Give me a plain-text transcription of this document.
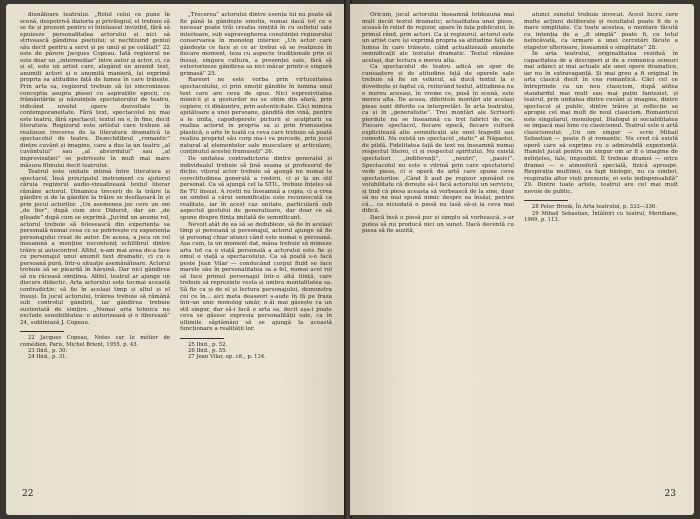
diunăfoare teatrului. „Rolul celui ce pune în scenă, despotrivă diatoria și privilegiul, el trebuie să se fie și prezent pentru ei înteleasul invizibil, fără să epuizeze personalitatea actorului și nici să strivească gândirea poetului; și nechtiuind geniul său decit pentru a servi și pe unul și pe celălalt” 22 este de părere Jacques Copeau. Iată regizorul ne este doar un „intermediar” între autor și actor, ci, ca și el, este un artist care, alegând un anumit text, anumiti actori și o anumită manieră, își exprimă propria sa atitudine față de lumea în care trăiește. Prin arta sa, regizorul trebuie să își sincronizeze conceptia asupra piesei cu aspirațiile epocii, cu frământările și năzuințele spectatorului de teatru, ridicând nivelul opere dezvoltate în contemporaneitate. Fără text, spectacolul nu mai este teatru, fără spectacol, textul nu e, în fine, decit literatura. Regizorul este artistul care trebuie să realizeze trecerea de la literatura dramatică la spectacolul de teatru. Dezechilibrul „romantic” dintre cuvânt și imagine, care a dus la un teatru „al cuvântului” sau „al absurdului” sau „al improvizației” se potriveste în mult mai mare măsura filmului decit teatrului.

Teatrul este unitate intimă între literatura și spectacol. Însă principalul instrument cu ajutorul căruia regizorul audio-vizualizează textul literar rămâne actorul. Dinamica trecerii de la trăire la gândire și de la gândire la trăire se desfășoară în și prin jocul actorilor. „Un asemenea joc cere un om „de fier”, după cum zice Diderot, dar un „de glisade” după cum se exprimă „Jucind un anume rol, actorul trebuie să folosească din experiența sa personală numai ceea ce se potrivește cu experiența personajului creat de autor. De aceea, a juca un rol înseamnă a menține neconteniț echilibrul dintre trăire și autocontrol. Altfel, n-am mai avea de-a face cu personajul unui anumit text dramatic, ci cu o persoană pură, într-o situație asemănătoare. Actorul trebuie să se pieardă în hârșină. Dar nici gândirea să nu răceasă simțirea. Altfel, teatrul ar ajunge un discurs didactic. Arta actorului este tocmai această contradicție: să fie în același timp și altul și el însuși. În jocul actorului, trăirea trebuie să rămână sub controlul gândirii, iar gândirea trebuie sustentată de simțire. „Numai arta tehnica nu exclude sensibilitatea: o autorizează și o liberează” 24, subliniază J. Copeau.

22 Jacques Copeau, Notes sur le métier de comédien, Paris, Michel Brient, 1955, p. 43.

23 Ibid., p. 30.

24 Ibid., p. 31.

„Trecerea” actorului dintre esența lui nu poate să fie până la gândește emotia, numai dacă tot ce e necesar poate trăi creatia simțită în cu sufletul sale interioare, sub supravegherea conștiinței regizorului conservarea în monolog interior. „Un actor care gândește ce face și ce ar trebui să se realizeze în fiecare moment, teza cu aspecte tradiționale prin el însuși, singura cultura, a prezenței sale, fără să exteriorizeze gândirea sa nici măcar printr-o singură grimasă” 25.

Rareori ne este vorba prin virtuozitatea spectacolului, ci prin emoții gândite în lumina unui text care are ceva de spus. Nici expresivitatea mimicii și a gesturilor nu se obțin din afară, prin copiere, ci dinăuntru, prin autenticitate. Căci mimica ajutătoare a unei persoane, gândită din vină, pentru a le imita, capodoperele picturii și sculpturii va realiza actorul în propria sa și prin frumusețea plastică, o arte în toată ca ceva care trebuie să poată realiza propriul său corp ma-i va purcede, prin jocul natural al elementelor sale musculare și articulare, conținutul acestei frumuseți” 26.

De unitatea contradictorie dintre generalul și individualul trebuie să țină seama și profesorul de dicție; vițorul actor trebuie să ajungă nu numai la corectitudinea generală a rostirii, ci și la un stil personal. Ca să ajungă cel la STIL, trebuie înțeles să fie TU însuși. A rostii nu înseamnă a copia, ci a crea un simbol a cărui semnificație este recunoscută ca realitate, iar în acest caz unitate, particulară sub aspectul gestului de generalizare, dar doar ce să spune despre ființa imitată de semnificant.

Nevoit atât de ea să se dedubleze, să fie în același timp și persoană și personajul, actorul ajunge să fie și personaj chiar atunci când este numai o persoană. Așa cum, la un moment dat, mâna trebuie să mimeze arta tot ca o viață personală a actorului este fie și omul o viață a spectacolului. Ca să poată s-o facă peste Jean Vilar — conducând corpul fluid se face marele său în personalitatea sa a fel, numai acel rol să face primul personajul într-o altă ființă, care trebuie să reprezinte vesta și umbra mentalitatea sa. Să fie ca și de el și lectura personajului, demonstra cei ce în... aici meta deaseori s-aude în fă pe fraza într-un unic monolog umăr, n-ăi mai găsește ca un stil singur, dar să-i facă o arta sa, decit așa-i poate ceva se găsesc expresia personalității sale, ca în ultimile săptămâni să se ajungă la această funcționare a realității lor.

25 Ibid., p. 52.

26 Ibid., p. 55.

27 Jean Vilar, op. cit., p. 134.

22

Oricum, jocul actorului înseamnă totdeauna mai mult decât textul dramatic; actualitatea unei piese, scoasă în relief de regizor, apare în fața publicului, în primul rând, prin actori. Ca și regizorul, actorul este un artist care își exprimă propria sa atitudine față de lumea în care trăiește, când actualizează anumite semnificații ale textului dramatic. Textul rămâne același, dar lectura e mereu alta.

Ca spectacolul de teatru adică un spor de cunoaștere și de atitudine față de operele sale trebuie să fie un vehicul, să ducă textul la o dovedește și faptul că, reiterând textul, atitudinea nu e mereu aceeași, în vreme ce, pusă în scenă, este mereu alta. De aceea, diferitele montări ale același piese sunt diferite ca interpretări. În arta teatrului, ca și în „generalistie”. Trei montări ale Scrisorii pierdute nu se înseamnă cu trei fabrici de cie. Fiecare spectacol, fiecare epocă, fiecare cultură explicitează alte semnificații ale unei tragedii sau comedii. Nu există un spectacol „static” al Năpastei, de pildă. Fidelitatea față de text nu înseamnă numai respectul literei, ci și respectul spiritului. Nu există spectatori „indiferenți”, „neutri”, „pasivi”. Spectacolul nu este o vitrină prin care spectatorul vede piesa, ci o operă de artă care spune ceva spectatorilor. „Când îl aud pe regizor spunând cu volubilitate că dorește să-i facă actorului un serviciu, și tind că piesa aceasta să vorbească de la sine, doar să nu ne mai spună nimic despre ea însăși, pentru că... ca niciodată o piesă nu lasă să-și ia ceva mai dificil.

Dacă însă o piesă pur și simplu să vorbească, s-ar putea să nu producă nici un sunet. Dacă decentă cu piesa să fie auzită,

atunci sunetul trebuie invocat. Acest lucru cere multe acțiuni deliberate și rezultatul poate fi de o mare simplitate. Cu toate acestea, o montare făcută cu intenția de a „fi simplă” poate fi, cu totul neîncăvată, ca urmare a unei cercetări făcute a etapelor ulterioare, înseamnă o simplitate” 28.

În arta teatrului, originalitatea reziduă în capacitatea de a descoperi și de a comunica sensuri mai adânci și mai actuale ale unei opere dramatice, iar nu în extravaganță. Și mai greu a fi original în arta clasică decit în cea romantică. Căci cel ce întreprinde ca un nou clasicism, după atitea standardul mai mult sau mai puțin fantezist, și teatrul, prin unitatea dintre cuvânt și imagine, dintre spectacol și public, dintre trăire și reflecție se apropie cel mai mult de noul clasicism. Romanticul este singularul, monologul. Dialogul și sociabilitatea se impacă mai bine cu clasicismul. Teatrul este o artă clasicismului. „Un om singur — scrie Mihail Sebastian — poate fi și romantic. Nu cred că există operă care să exprime cu o admirabilă experiență. Hamlet jucat pentru un singur om ar fi o imagine de neînțeles, fals, imposibil. Îl trebuie dramei — orice dramei — o atmosferă specială, fizică aproape. Respirația multimii, ca fapt biologic, nu ca simbol, respirația altor vieți prezente, ei este indispensabilă” 29. Dintre toate artele, teatrul are cel mai mult nevoie de public.

28 Peter Brook, În Arta teatrului, p. 333—336.

29 Mihail Sebastian, Întâlniri cu teatrul, Meridiane, 1969, p. 113.

23
